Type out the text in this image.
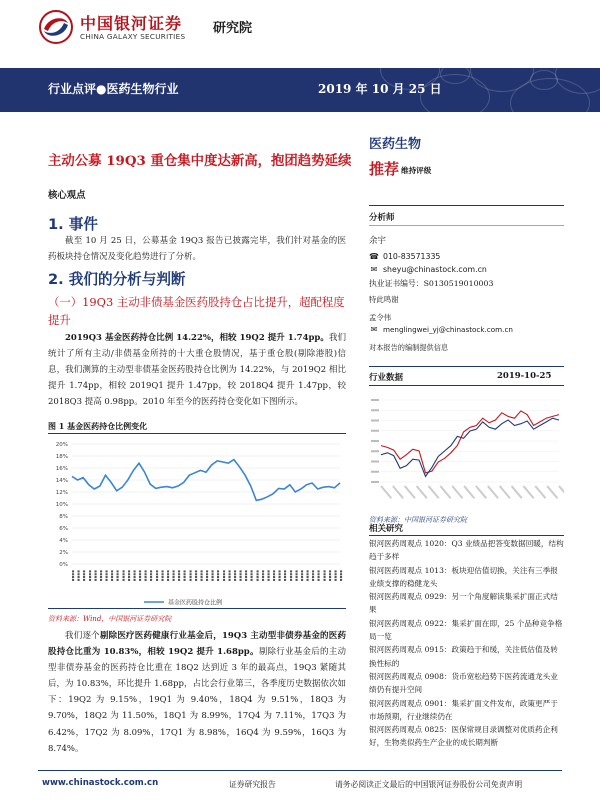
中国银河证券
CHINA GALAXY SECURITIES
研究院
行业点评●医药生物行业	2019 年 10 月 25 日
主动公募 19Q3 重仓集中度达新高，抱团趋势延续
核心观点
1. 事件
截至 10 月 25 日，公募基金 19Q3 报告已披露完毕，我们针对基金的医药板块持仓情况及变化趋势进行了分析。
2. 我们的分析与判断
（一）19Q3 主动非债基金医药股持仓占比提升，超配程度提升
2019Q3 基金医药持仓比例 14.22%，相较 19Q2 提升 1.74pp。我们统计了所有主动/非债基金所持的十大重仓股情况，基于重仓股(剔除港股)信息，我们测算的主动型非债基金医药股持仓比例为 14.22%，与 2019Q2 相比提升 1.74pp，相较 2019Q1 提升 1.47pp，较 2018Q4 提升 1.47pp，较 2018Q3 提高 0.98pp。2010 年至今的医药持仓变化如下图所示。
图 1 基金医药持仓比例变化
0%
2%
4%
6%
8%
10%
12%
14%
16%
18%
20%
▪▪▪▪ ▪▪▪▪ ▪▪▪▪ ▪▪▪▪ ▪▪▪▪ ▪▪▪▪ ▪▪▪▪ ▪▪▪▪ ▪▪▪▪ ▪▪▪▪ ▪▪▪▪ ▪▪▪▪ ▪▪▪▪ ▪▪▪▪ ▪▪▪▪ ▪▪▪▪ ▪▪▪▪ ▪▪▪▪ ▪▪▪▪ ▪▪▪▪ ▪▪▪▪ ▪▪▪▪ ▪▪▪▪ ▪▪▪▪ ▪▪▪▪ ▪▪▪▪ ▪▪▪▪ ▪▪▪▪ ▪▪▪▪ ▪▪▪▪ ▪▪▪▪ ▪▪▪▪ ▪▪▪▪ ▪▪▪▪ ▪▪▪▪ ▪▪▪▪ ▪▪▪▪ ▪▪▪▪ ▪▪▪▪ ▪▪▪▪ ▪▪▪▪ ▪▪▪▪ ▪▪▪▪ ▪▪▪▪ ▪▪▪▪ ▪▪▪▪ ▪▪▪▪ ▪▪▪▪ ▪▪▪▪
基金医药股持仓比例
资料来源：Wind，中国银河证券研究院
我们逐个剔除医疗医药健康行业基金后，19Q3 主动型非债券基金的医药股持仓比重为 10.83%，相较 19Q2 提升 1.68pp。剔除行业基金后的主动型非债券基金的医药持仓比重在 18Q2 达到近 3 年的最高点，19Q3 紧随其后，为 10.83%，环比提升 1.68pp，占比会行业第三，各季度历史数据依次如下：19Q2 为 9.15%，19Q1 为 9.40%，18Q4 为 9.51%，18Q3 为 9.70%，18Q2 为 11.50%，18Q1 为 8.99%，17Q4 为 7.11%，17Q3 为 6.42%，17Q2 为 8.09%，17Q1 为 8.98%，16Q4 为 9.59%，16Q3 为 8.74%。
医药生物
推荐 维持评级
分析师
余宇
☎ 010-83571335
✉ sheyu@chinastock.com.cn
执业证书编号：S0130519010003
特此鸣谢
孟令伟
✉ menglingwei_yj@chinastock.com.cn
对本报告的编制提供信息
行业数据	2019-10-25
资料来源：中国银河证券研究院
相关研究
银河医药周观点 1020：Q3 业绩品把答变数据回暖，结构趋于多样
银河医药周观点 1013：板块迎估值切换，关注有三季报业绩支撑的稳健龙头
银河医药周观点 0929：另一个角度解读集采扩面正式结果
银河医药周观点 0922：集采扩面在即，25 个品种竞争格局一览
银河医药周观点 0915：政策趋于和缓，关注低估值及转换性标的
银河医药周观点 0908：货币宽松趋势下医药流通龙头业绩仍有提升空间
银河医药周观点 0901：集采扩面文件发布，政策更严于市场预期，行业继续仍在
银河医药周观点 0825：医保常规目录调整对优质药企利好，生物类似药生产企业的成长期判断
www.chinastock.com.cn	证券研究报告	请务必阅读正文最后的中国银河证券股份公司免责声明
